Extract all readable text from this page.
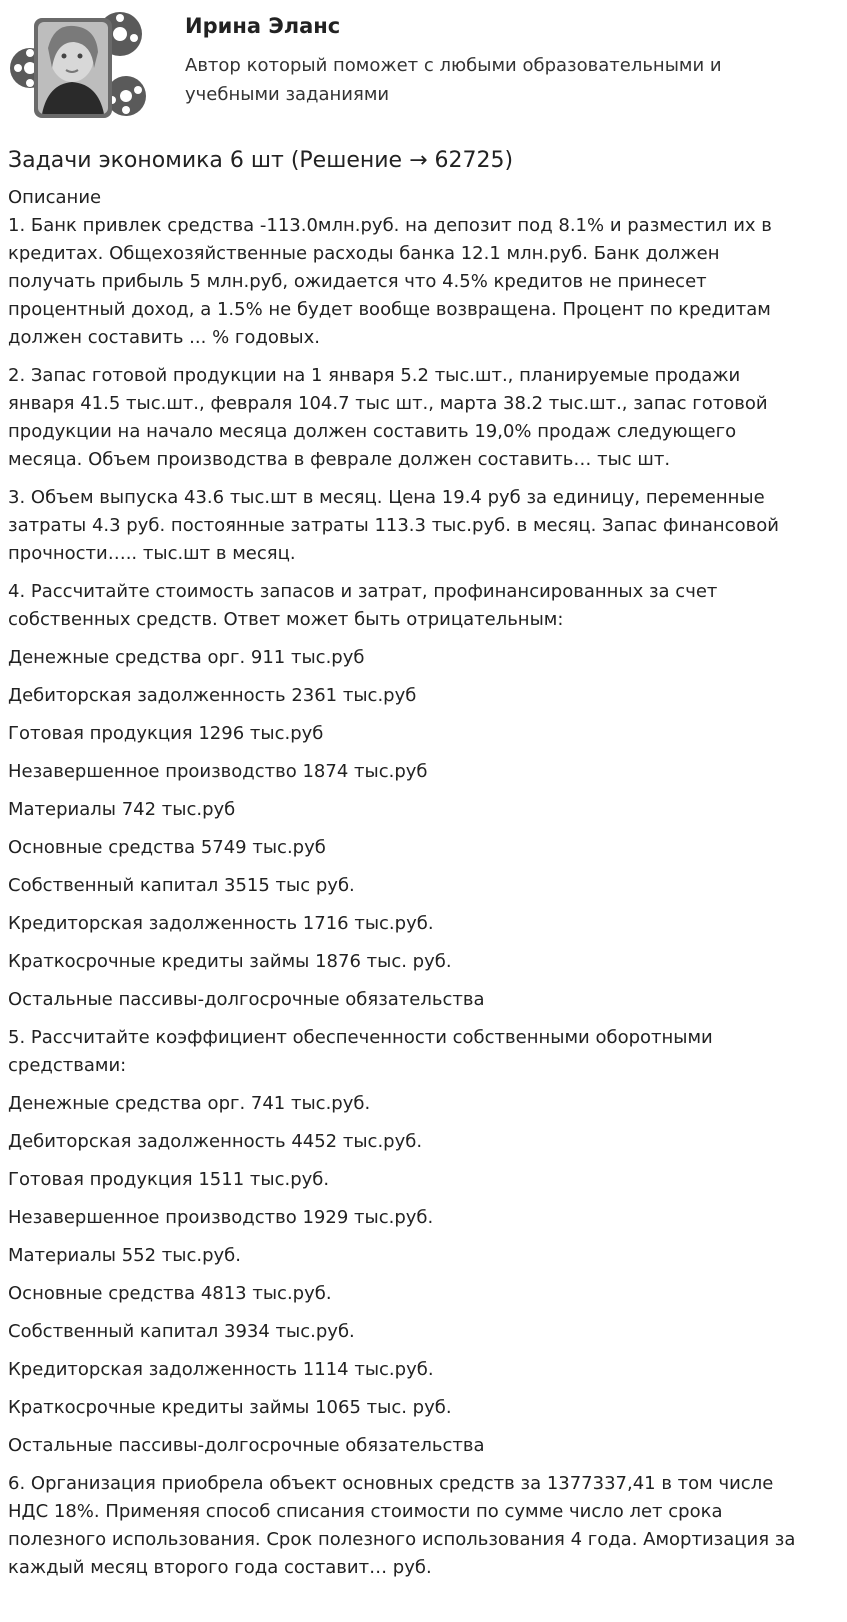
Ирина Эланс
Автор который поможет с любыми образовательными и
учебными заданиями
Задачи экономика 6 шт (Решение → 62725)
Описание

1. Банк привлек средства -113.0млн.руб. на депозит под 8.1% и разместил их в
кредитах. Общехозяйственные расходы банка 12.1 млн.руб. Банк должен
получать прибыль 5 млн.руб, ожидается что 4.5% кредитов не принесет
процентный доход, а 1.5% не будет вообще возвращена. Процент по кредитам
должен составить ... % годовых.

2. Запас готовой продукции на 1 января 5.2 тыс.шт., планируемые продажи
января 41.5 тыс.шт., февраля 104.7 тыс шт., марта 38.2 тыс.шт., запас готовой
продукции на начало месяца должен составить 19,0% продаж следующего
месяца. Объем производства в феврале должен составить… тыс шт.

3. Объем выпуска 43.6 тыс.шт в месяц. Цена 19.4 руб за единицу, переменные
затраты 4.3 руб. постоянные затраты 113.3 тыс.руб. в месяц. Запас финансовой
прочности….. тыс.шт в месяц.

4. Рассчитайте стоимость запасов и затрат, профинансированных за счет
собственных средств. Ответ может быть отрицательным:

Денежные средства орг. 911 тыс.руб

Дебиторская задолженность 2361 тыс.руб

Готовая продукция 1296 тыс.руб

Незавершенное производство 1874 тыс.руб

Материалы 742 тыс.руб

Основные средства 5749 тыс.руб

Собственный капитал 3515 тыс руб.

Кредиторская задолженность 1716 тыс.руб.

Краткосрочные кредиты займы 1876 тыс. руб.

Остальные пассивы-долгосрочные обязательства

5. Рассчитайте коэффициент обеспеченности собственными оборотными
средствами:

Денежные средства орг. 741 тыс.руб.

Дебиторская задолженность 4452 тыс.руб.

Готовая продукция 1511 тыс.руб.

Незавершенное производство 1929 тыс.руб.

Материалы 552 тыс.руб.

Основные средства 4813 тыс.руб.

Собственный капитал 3934 тыс.руб.

Кредиторская задолженность 1114 тыс.руб.

Краткосрочные кредиты займы 1065 тыс. руб.

Остальные пассивы-долгосрочные обязательства

6. Организация приобрела объект основных средств за 1377337,41 в том числе
НДС 18%. Применяя способ списания стоимости по сумме число лет срока
полезного использования. Срок полезного использования 4 года. Амортизация за
каждый месяц второго года составит… руб.
